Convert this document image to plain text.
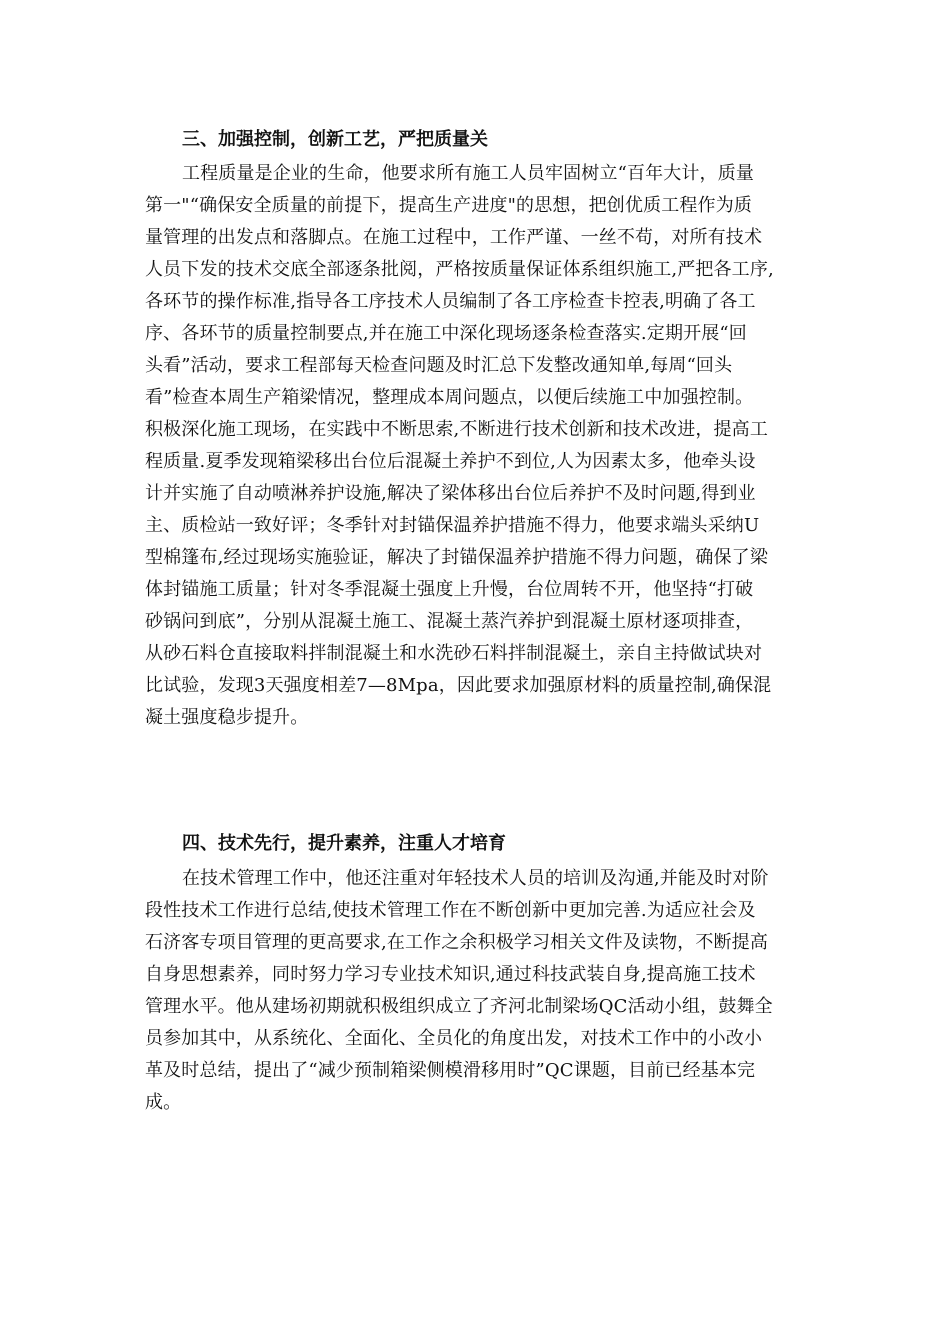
三、加强控制，创新工艺，严把质量关
工程质量是企业的生命，他要求所有施工人员牢固树立“百年大计，质量
第一"“确保安全质量的前提下，提高生产进度"的思想，把创优质工程作为质
量管理的出发点和落脚点。在施工过程中，工作严谨、一丝不苟，对所有技术
人员下发的技术交底全部逐条批阅，严格按质量保证体系组织施工,严把各工序,
各环节的操作标准,指导各工序技术人员编制了各工序检查卡控表,明确了各工
序、各环节的质量控制要点,并在施工中深化现场逐条检查落实.定期开展“回
头看”活动，要求工程部每天检查问题及时汇总下发整改通知单,每周“回头
看”检查本周生产箱梁情况，整理成本周问题点，以便后续施工中加强控制。
积极深化施工现场，在实践中不断思索,不断进行技术创新和技术改进，提高工
程质量.夏季发现箱梁移出台位后混凝土养护不到位,人为因素太多，他牵头设
计并实施了自动喷淋养护设施,解决了梁体移出台位后养护不及时问题,得到业
主、质检站一致好评；冬季针对封锚保温养护措施不得力，他要求端头采纳U
型棉篷布,经过现场实施验证，解决了封锚保温养护措施不得力问题，确保了梁
体封锚施工质量；针对冬季混凝土强度上升慢，台位周转不开，他坚持“打破
砂锅问到底”，分别从混凝土施工、混凝土蒸汽养护到混凝土原材逐项排查，
从砂石料仓直接取料拌制混凝土和水洗砂石料拌制混凝土，亲自主持做试块对
比试验，发现3天强度相差7—8Mpa，因此要求加强原材料的质量控制,确保混
凝土强度稳步提升。
四、技术先行，提升素养，注重人才培育
在技术管理工作中，他还注重对年轻技术人员的培训及沟通,并能及时对阶
段性技术工作进行总结,使技术管理工作在不断创新中更加完善.为适应社会及
石济客专项目管理的更高要求,在工作之余积极学习相关文件及读物，不断提高
自身思想素养，同时努力学习专业技术知识,通过科技武装自身,提高施工技术
管理水平。他从建场初期就积极组织成立了齐河北制梁场QC活动小组，鼓舞全
员参加其中，从系统化、全面化、全员化的角度出发，对技术工作中的小改小
革及时总结，提出了“减少预制箱梁侧模滑移用时”QC课题，目前已经基本完
成。
